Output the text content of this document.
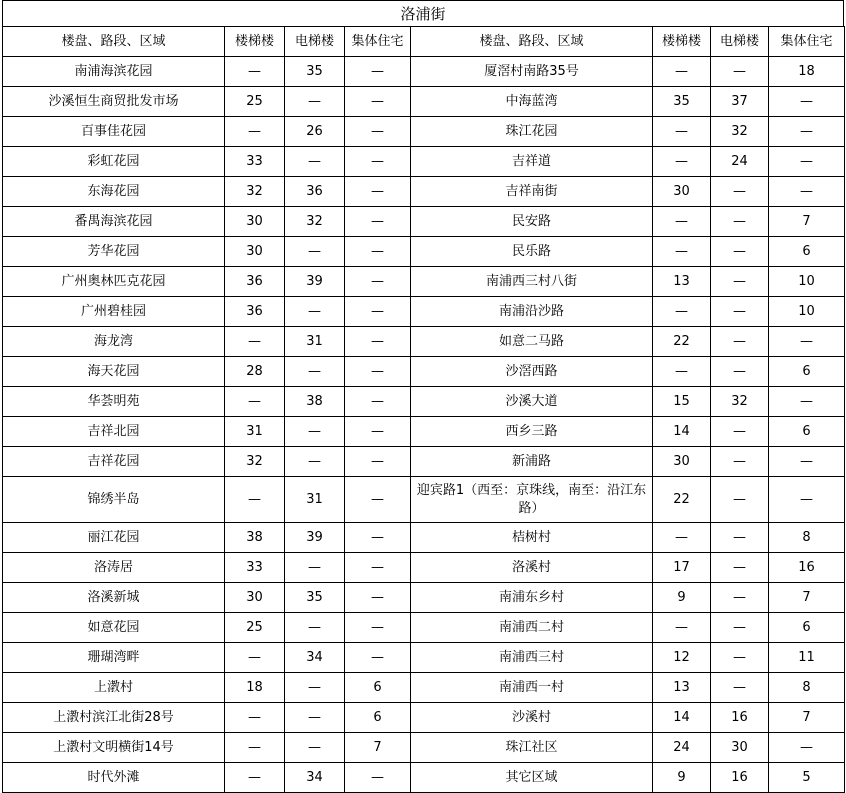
洛浦街
楼盘、路段、区域	楼梯楼	电梯楼	集体住宅	楼盘、路段、区域	楼梯楼	电梯楼	集体住宅
南浦海滨花园	—	35	—	厦滘村南路35号	—	—	18
沙溪恒生商贸批发市场	25	—	—	中海蓝湾	35	37	—
百事佳花园	—	26	—	珠江花园	—	32	—
彩虹花园	33	—	—	吉祥道	—	24	—
东海花园	32	36	—	吉祥南街	30	—	—
番禺海滨花园	30	32	—	民安路	—	—	7
芳华花园	30	—	—	民乐路	—	—	6
广州奥林匹克花园	36	39	—	南浦西三村八街	13	—	10
广州碧桂园	36	—	—	南浦沿沙路	—	—	10
海龙湾	—	31	—	如意二马路	22	—	—
海天花园	28	—	—	沙滘西路	—	—	6
华荟明苑	—	38	—	沙溪大道	15	32	—
吉祥北园	31	—	—	西乡三路	14	—	6
吉祥花园	32	—	—	新浦路	30	—	—
锦绣半岛	—	31	—	迎宾路1（西至：京珠线，南至：沿江东路）	22	—	—
丽江花园	38	39	—	桔树村	—	—	8
洛涛居	33	—	—	洛溪村	17	—	16
洛溪新城	30	35	—	南浦东乡村	9	—	7
如意花园	25	—	—	南浦西二村	—	—	6
珊瑚湾畔	—	34	—	南浦西三村	12	—	11
上漖村	18	—	6	南浦西一村	13	—	8
上漖村滨江北街28号	—	—	6	沙溪村	14	16	7
上漖村文明横街14号	—	—	7	珠江社区	24	30	—
时代外滩	—	34	—	其它区域	9	16	5
